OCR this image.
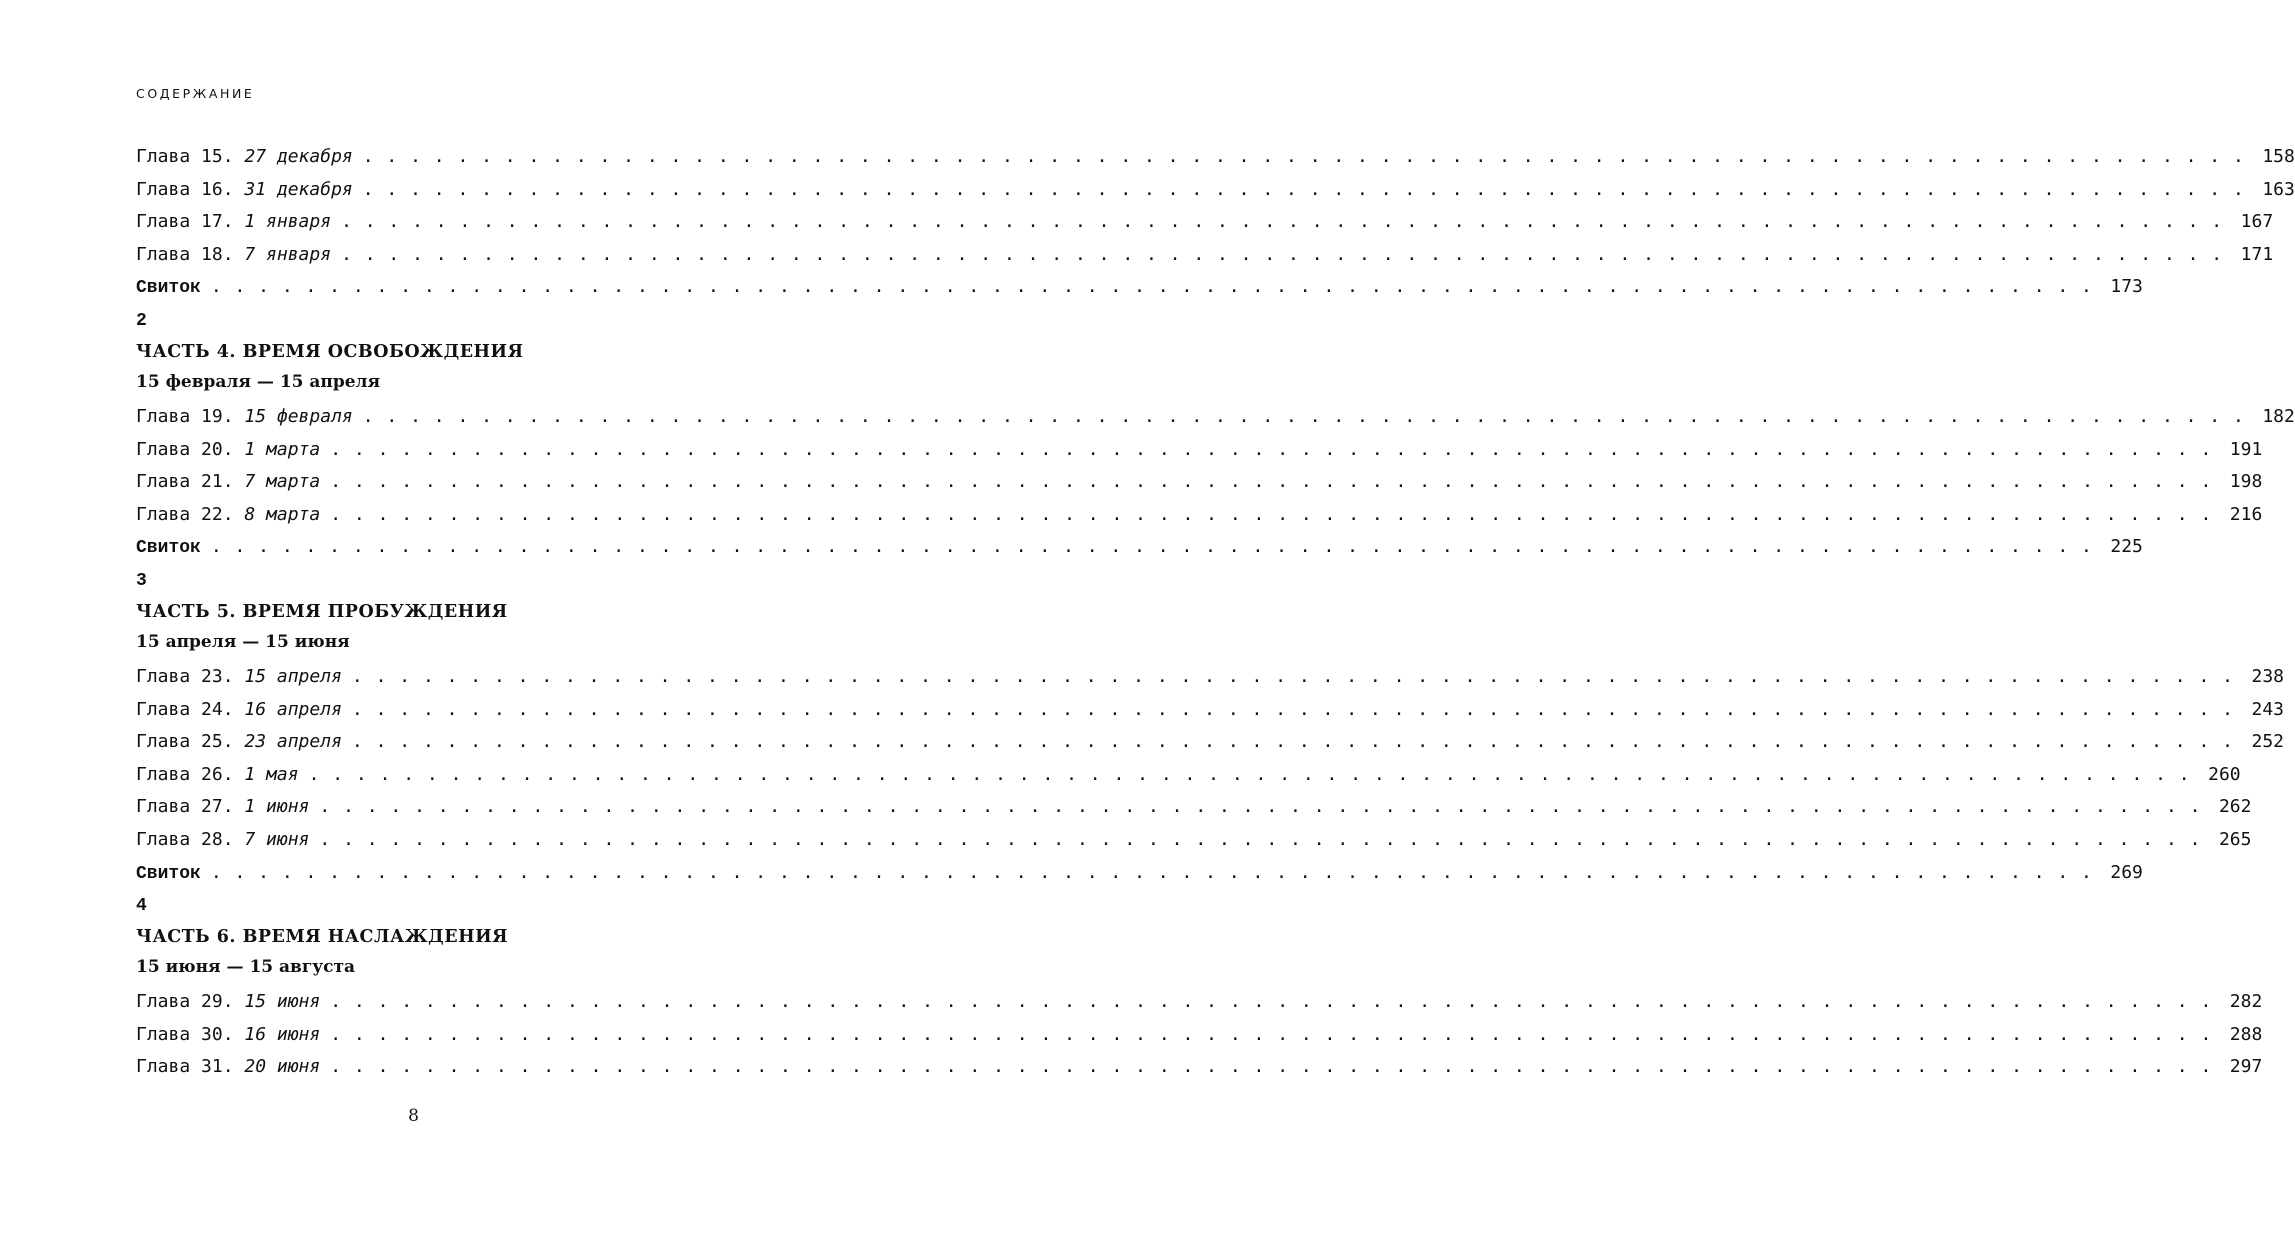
СОДЕРЖАНИЕ
Глава 15. 27 декабря . . . . . . . . . . . . . . . . . . . . . . . . . . . . . . . . . . . . . . . . . . . . . . . . . . . . . . . . . . . . . . . . . . . . . . . . . . . . . . . . 158
Глава 16. 31 декабря . . . . . . . . . . . . . . . . . . . . . . . . . . . . . . . . . . . . . . . . . . . . . . . . . . . . . . . . . . . . . . . . . . . . . . . . . . . . . . . . 163
Глава 17. 1 января . . . . . . . . . . . . . . . . . . . . . . . . . . . . . . . . . . . . . . . . . . . . . . . . . . . . . . . . . . . . . . . . . . . . . . . . . . . . . . . . 167
Глава 18. 7 января . . . . . . . . . . . . . . . . . . . . . . . . . . . . . . . . . . . . . . . . . . . . . . . . . . . . . . . . . . . . . . . . . . . . . . . . . . . . . . . . 171
Свиток 2
. . . . . . . . . . . . . . . . . . . . . . . . . . . . . . . . . . . . . . . . . . . . . . . . . . . . . . . . . . . . . . . . . . . . . . . . . . . . . . . . 173
ЧАСТЬ 4. ВРЕМЯ ОСВОБОЖДЕНИЯ
15 февраля — 15 апреля
Глава 19. 15 февраля . . . . . . . . . . . . . . . . . . . . . . . . . . . . . . . . . . . . . . . . . . . . . . . . . . . . . . . . . . . . . . . . . . . . . . . . . . . . . . . . 182
Глава 20. 1 марта . . . . . . . . . . . . . . . . . . . . . . . . . . . . . . . . . . . . . . . . . . . . . . . . . . . . . . . . . . . . . . . . . . . . . . . . . . . . . . . . 191
Глава 21. 7 марта . . . . . . . . . . . . . . . . . . . . . . . . . . . . . . . . . . . . . . . . . . . . . . . . . . . . . . . . . . . . . . . . . . . . . . . . . . . . . . . . 198
Глава 22. 8 марта . . . . . . . . . . . . . . . . . . . . . . . . . . . . . . . . . . . . . . . . . . . . . . . . . . . . . . . . . . . . . . . . . . . . . . . . . . . . . . . . 216
Свиток 3
. . . . . . . . . . . . . . . . . . . . . . . . . . . . . . . . . . . . . . . . . . . . . . . . . . . . . . . . . . . . . . . . . . . . . . . . . . . . . . . . 225
ЧАСТЬ 5. ВРЕМЯ ПРОБУЖДЕНИЯ
15 апреля — 15 июня
Глава 23. 15 апреля . . . . . . . . . . . . . . . . . . . . . . . . . . . . . . . . . . . . . . . . . . . . . . . . . . . . . . . . . . . . . . . . . . . . . . . . . . . . . . . . 238
Глава 24. 16 апреля . . . . . . . . . . . . . . . . . . . . . . . . . . . . . . . . . . . . . . . . . . . . . . . . . . . . . . . . . . . . . . . . . . . . . . . . . . . . . . . . 243
Глава 25. 23 апреля . . . . . . . . . . . . . . . . . . . . . . . . . . . . . . . . . . . . . . . . . . . . . . . . . . . . . . . . . . . . . . . . . . . . . . . . . . . . . . . . 252
Глава 26. 1 мая . . . . . . . . . . . . . . . . . . . . . . . . . . . . . . . . . . . . . . . . . . . . . . . . . . . . . . . . . . . . . . . . . . . . . . . . . . . . . . . . 260
Глава 27. 1 июня . . . . . . . . . . . . . . . . . . . . . . . . . . . . . . . . . . . . . . . . . . . . . . . . . . . . . . . . . . . . . . . . . . . . . . . . . . . . . . . . 262
Глава 28. 7 июня . . . . . . . . . . . . . . . . . . . . . . . . . . . . . . . . . . . . . . . . . . . . . . . . . . . . . . . . . . . . . . . . . . . . . . . . . . . . . . . . 265
Свиток 4
. . . . . . . . . . . . . . . . . . . . . . . . . . . . . . . . . . . . . . . . . . . . . . . . . . . . . . . . . . . . . . . . . . . . . . . . . . . . . . . . 269
ЧАСТЬ 6. ВРЕМЯ НАСЛАЖДЕНИЯ
15 июня — 15 августа
Глава 29. 15 июня . . . . . . . . . . . . . . . . . . . . . . . . . . . . . . . . . . . . . . . . . . . . . . . . . . . . . . . . . . . . . . . . . . . . . . . . . . . . . . . . 282
Глава 30. 16 июня . . . . . . . . . . . . . . . . . . . . . . . . . . . . . . . . . . . . . . . . . . . . . . . . . . . . . . . . . . . . . . . . . . . . . . . . . . . . . . . . 288
Глава 31. 20 июня . . . . . . . . . . . . . . . . . . . . . . . . . . . . . . . . . . . . . . . . . . . . . . . . . . . . . . . . . . . . . . . . . . . . . . . . . . . . . . . . 297
8
